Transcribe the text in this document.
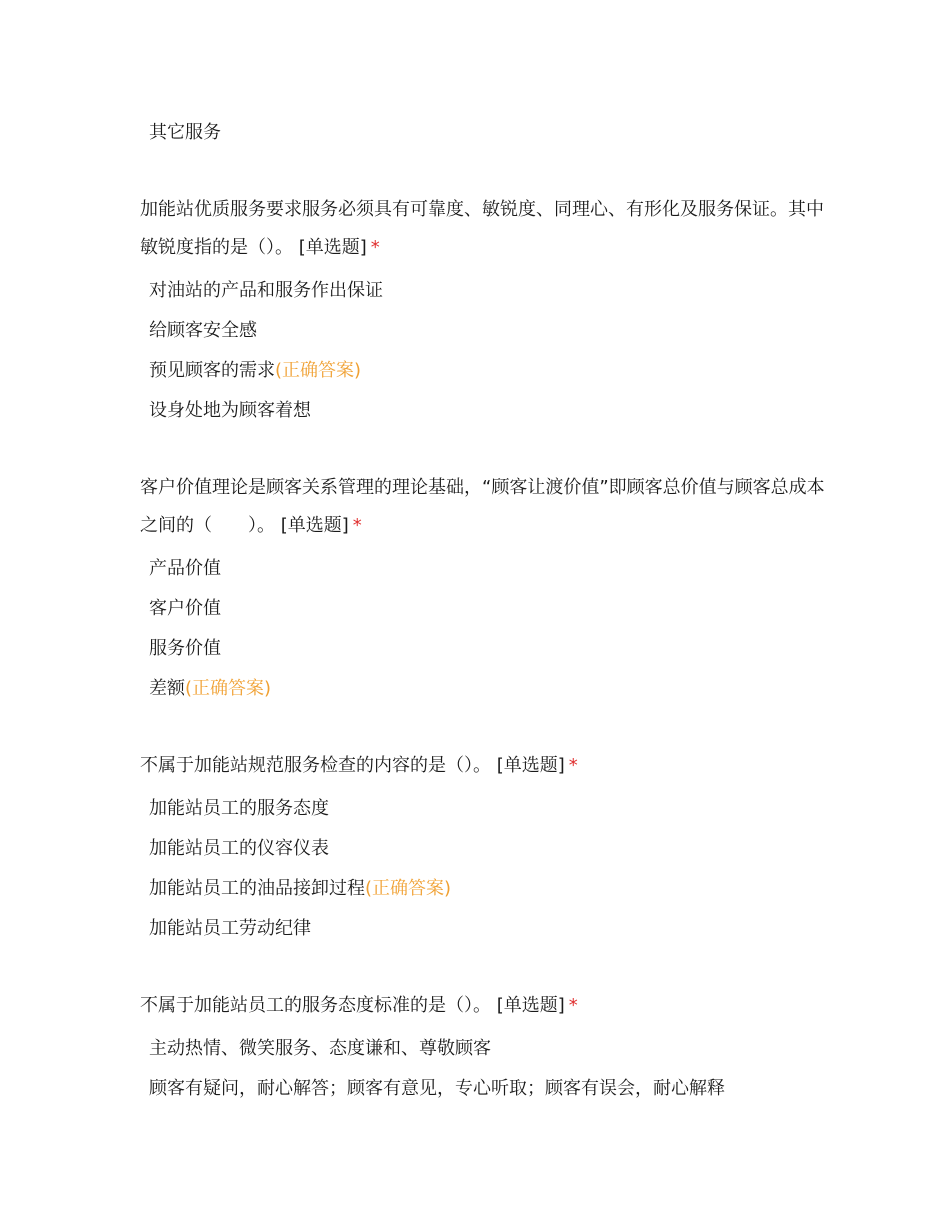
其它服务
加能站优质服务要求服务必须具有可靠度、敏锐度、同理心、有形化及服务保证。其中敏锐度指的是（）。 [单选题] *
对油站的产品和服务作出保证
给顾客安全感
预见顾客的需求 (正确答案)
设身处地为顾客着想
客户价值理论是顾客关系管理的理论基础，“顾客让渡价值”即顾客总价值与顾客总成本之间的（　　）。 [单选题] *
产品价值
客户价值
服务价值
差额 (正确答案)
不属于加能站规范服务检查的内容的是（）。 [单选题] *
加能站员工的服务态度
加能站员工的仪容仪表
加能站员工的油品接卸过程 (正确答案)
加能站员工劳动纪律
不属于加能站员工的服务态度标准的是（）。 [单选题] *
主动热情、微笑服务、态度谦和、尊敬顾客
顾客有疑问，耐心解答；顾客有意见，专心听取；顾客有误会，耐心解释
